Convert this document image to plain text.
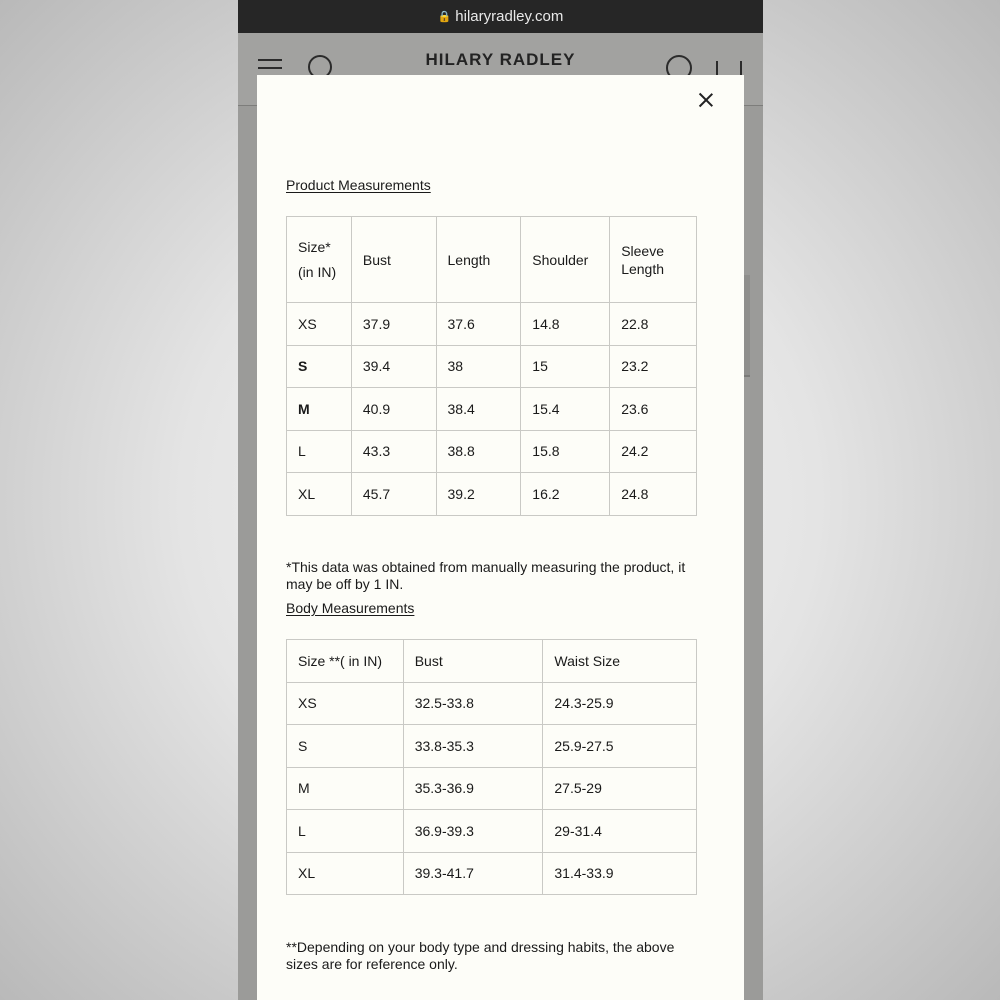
🔒 hilaryradley.com
HILARY RADLEY
Product Measurements
Size*
(in IN)	Bust	Length	Shoulder	Sleeve Length
XS	37.9	37.6	14.8	22.8
S	39.4	38	15	23.2
M	40.9	38.4	15.4	23.6
L	43.3	38.8	15.8	24.2
XL	45.7	39.2	16.2	24.8
*This data was obtained from manually measuring the product, it may be off by 1 IN.
Body Measurements
Size **( in IN)	Bust	Waist Size
XS	32.5-33.8	24.3-25.9
S	33.8-35.3	25.9-27.5
M	35.3-36.9	27.5-29
L	36.9-39.3	29-31.4
XL	39.3-41.7	31.4-33.9
**Depending on your body type and dressing habits, the above sizes are for reference only.
